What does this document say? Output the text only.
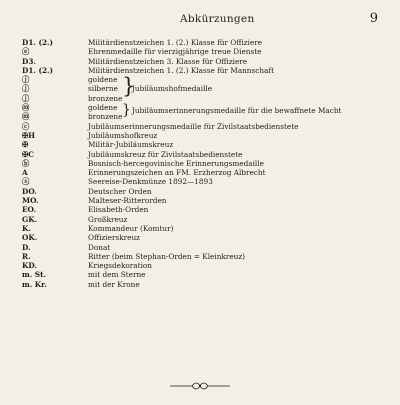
Abkürzungen	9
D1. (2.)	Militärdienstzeichen 1. (2.) Klasse für Offiziere
ⓔ	Ehrenmedaille für vierzigjährige treue Dienste
D3.	Militärdienstzeichen 3. Klasse für Offiziere
D1. (2.)	Militärdienstzeichen 1. (2.) Klasse für Mannschaft
ⓙ	goldene }
ⓙ	silberne Jubiläumshofmedaille
ⓙ	bronzene
ⓜ	goldene } Jubiläumserinnerungsmedaille für die bewaffnete Macht
ⓜ	bronzene
ⓒ	Jubiläumserinnerungsmedaille für Zivilstaatsbedienstete
✠H	Jubiläumshofkreuz
✠	Militär-Jubiläumskreuz
✠C	Jubiläumskreuz für Zivilstaatsbedienstete
ⓑ	Bosnisch-hercegovinische Erinnerungsmedaille
A	Erinnerungszeichen an FM. Erzherzog Albrecht
ⓢ	Seereise-Denkmünze 1892—1893
DO.	Deutscher Orden
MO.	Malteser-Ritterorden
EO.	Elisabeth-Orden
GK.	Großkreuz
K.	Kommandeur (Komtur)
OK.	Offizierskreuz
D.	Donat
R.	Ritter (beim Stephan-Orden = Kleinkreuz)
KD.	Kriegsdekoration
m. St.	mit dem Sterne
m. Kr.	mit der Krone
